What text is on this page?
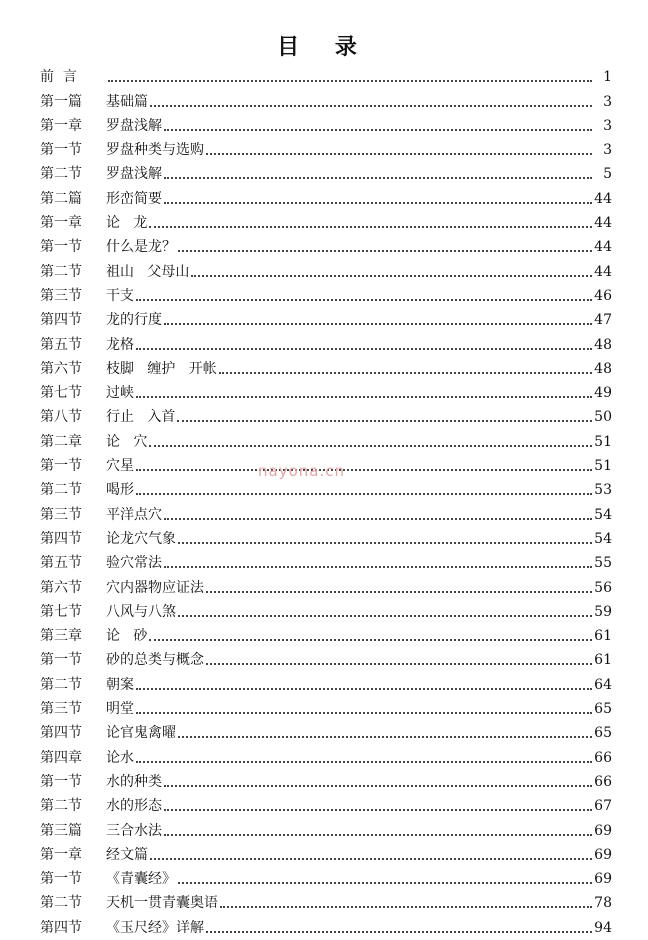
目 录
前  言	1
第一篇	基础篇	3
第一章	罗盘浅解	3
第一节	罗盘种类与选购	3
第二节	罗盘浅解	5
第二篇	形峦简要	44
第一章	论   龙	44
第一节	什么是龙？	44
第二节	祖山   父母山	44
第三节	干支	46
第四节	龙的行度	47
第五节	龙格	48
第六节	枝脚   缠护   开帐	48
第七节	过峡	49
第八节	行止   入首	50
第二章	论   穴	51
第一节	穴星	51
第二节	喝形	53
第三节	平洋点穴	54
第四节	论龙穴气象	54
第五节	验穴常法	55
第六节	穴内器物应证法	56
第七节	八风与八煞	59
第三章	论   砂	61
第一节	砂的总类与概念	61
第二节	朝案	64
第三节	明堂	65
第四节	论官鬼禽曜	65
第四章	论水	66
第一节	水的种类	66
第二节	水的形态	67
第三篇	三合水法	69
第一章	经文篇	69
第一节	《青囊经》	69
第二节	天机一贯青囊奥语	78
第四节	《玉尺经》详解	94
nayona.cn
